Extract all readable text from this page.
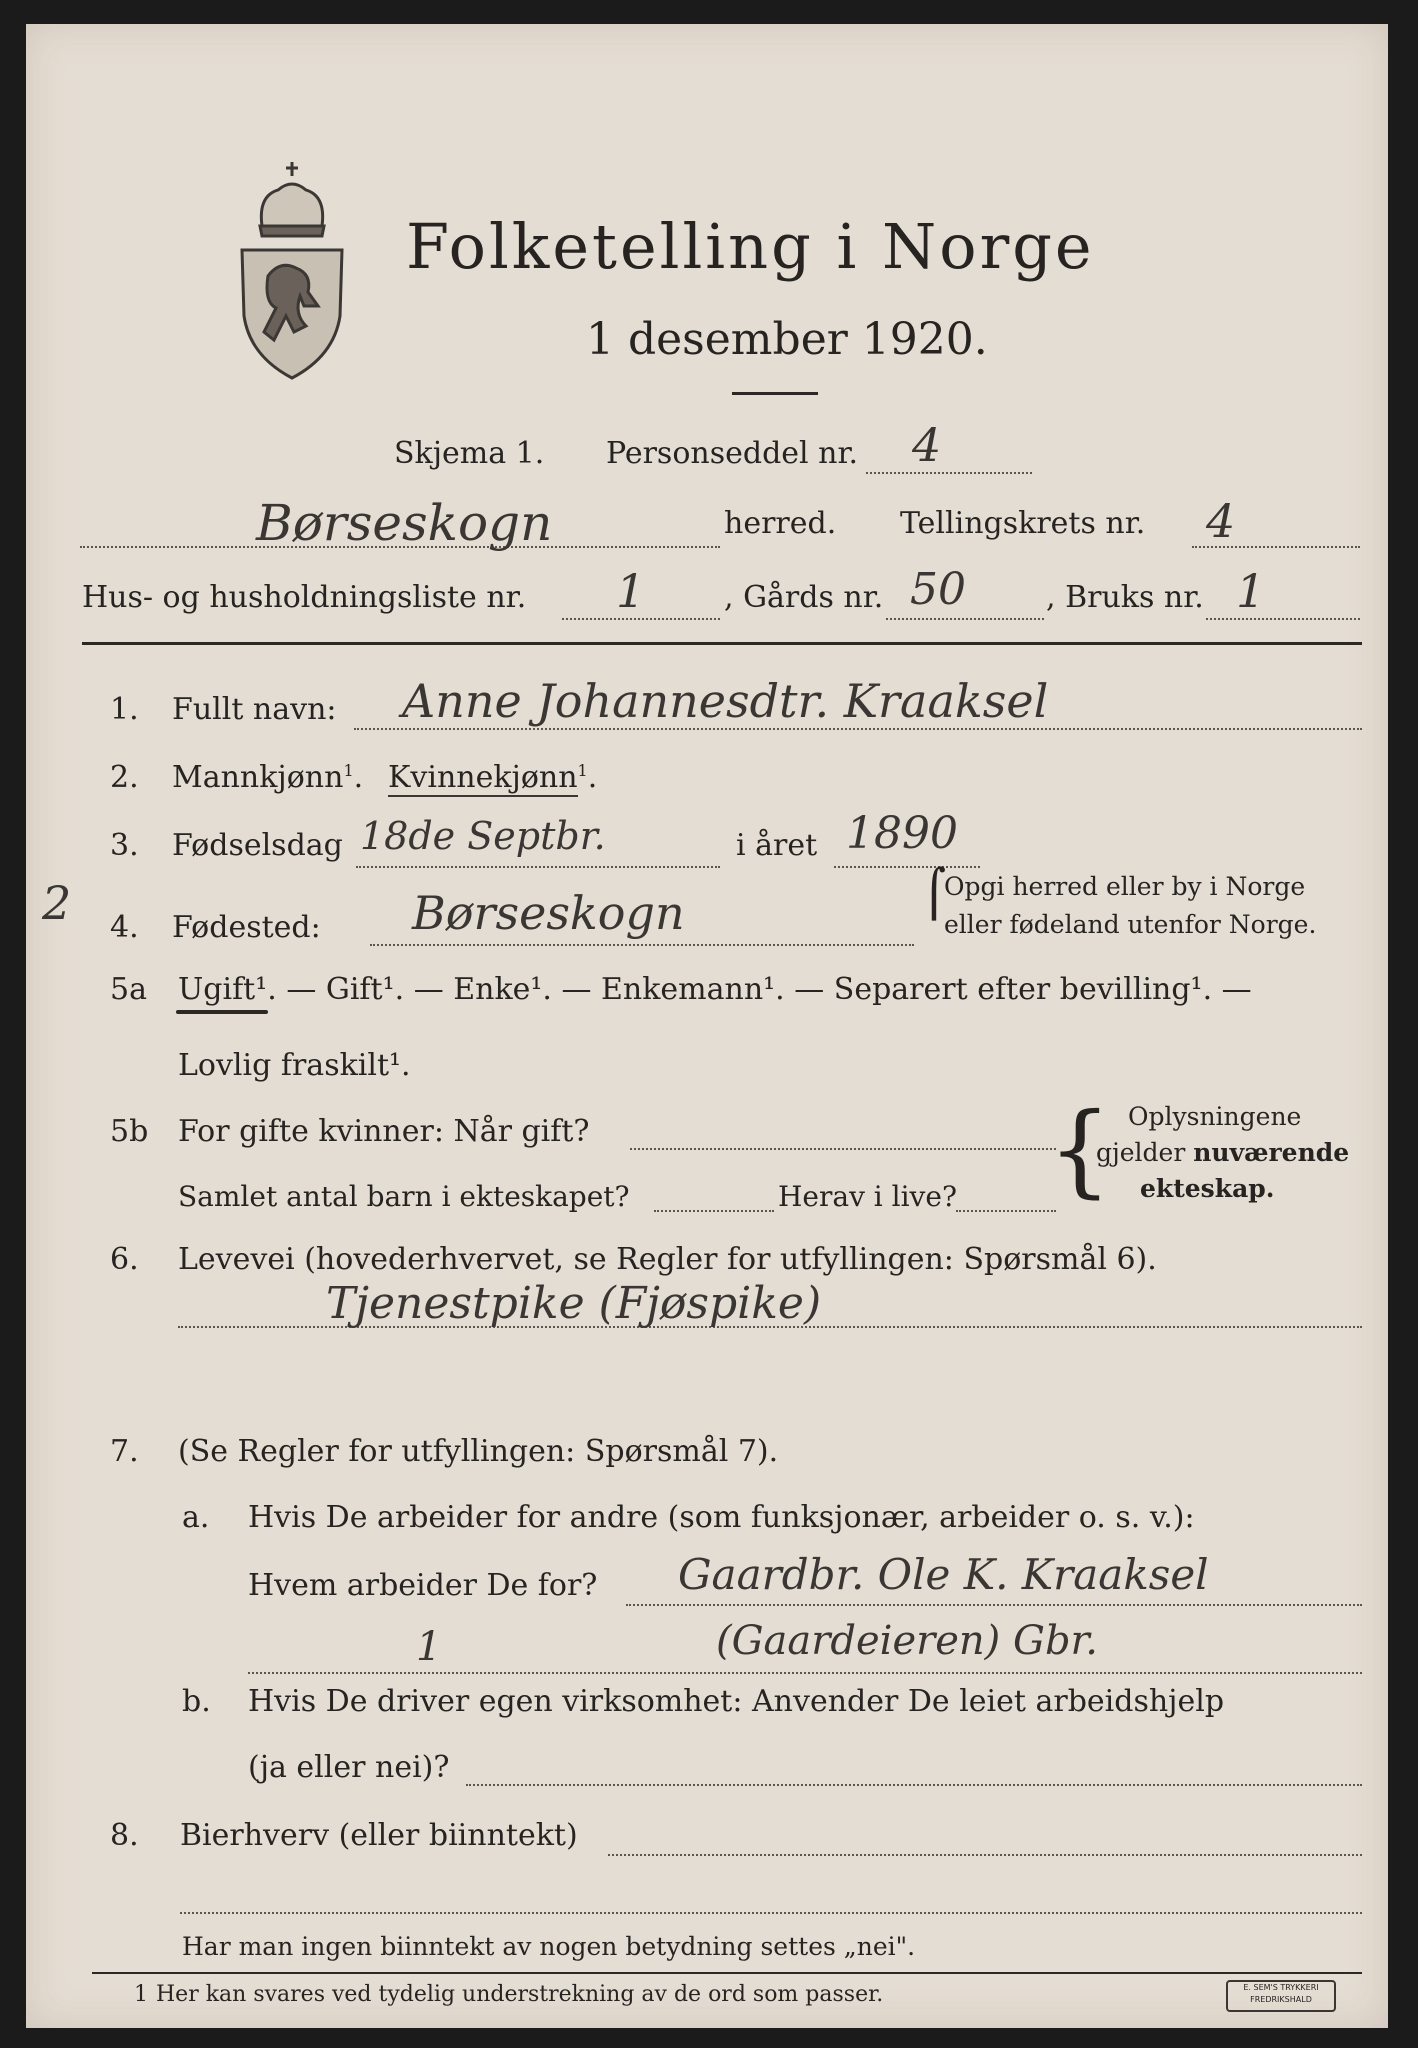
Folketelling i Norge
1 desember 1920.
Skjema 1. Personseddel nr. 4
Børseskogn	herred. Tellingskrets nr. 4
Hus- og husholdningsliste nr. 1	, Gårds nr. 50	, Bruks nr. 1
1. Fullt navn: Anne Johannesdtr. Kraaksel
2. Mannkjønn$^1$. Kvinnekjønn$^1$.
3. Fødselsdag 18de Septbr.	i året 1890
2 4. Fødested: Børseskogn	Opgi herred eller by i Norge
eller fødeland utenfor Norge.
⌠
5a Ugift¹. — Gift¹. — Enke¹. — Enkemann¹. — Separert efter bevilling¹. —
Lovlig fraskilt¹.
5b For gifte kvinner: Når gift?
Samlet antal barn i ekteskapet?	Herav i live? { Oplysningene
gjelder nuværende
ekteskap.
6. Levevei (hovederhvervet, se Regler for utfyllingen: Spørsmål 6).
Tjenestpike (Fjøspike)
7. (Se Regler for utfyllingen: Spørsmål 7).
a. Hvis De arbeider for andre (som funksjonær, arbeider o. s. v.):
Hvem arbeider De for? Gaardbr. Ole K. Kraaksel
1	(Gaardeieren) Gbr.
b. Hvis De driver egen virksomhet: Anvender De leiet arbeidshjelp
(ja eller nei)?
8. Bierhverv (eller biinntekt)
Har man ingen biinntekt av nogen betydning settes „nei".
1 Her kan svares ved tydelig understrekning av de ord som passer.	E. SEM'S TRYKKERI
FREDRIKSHALD
